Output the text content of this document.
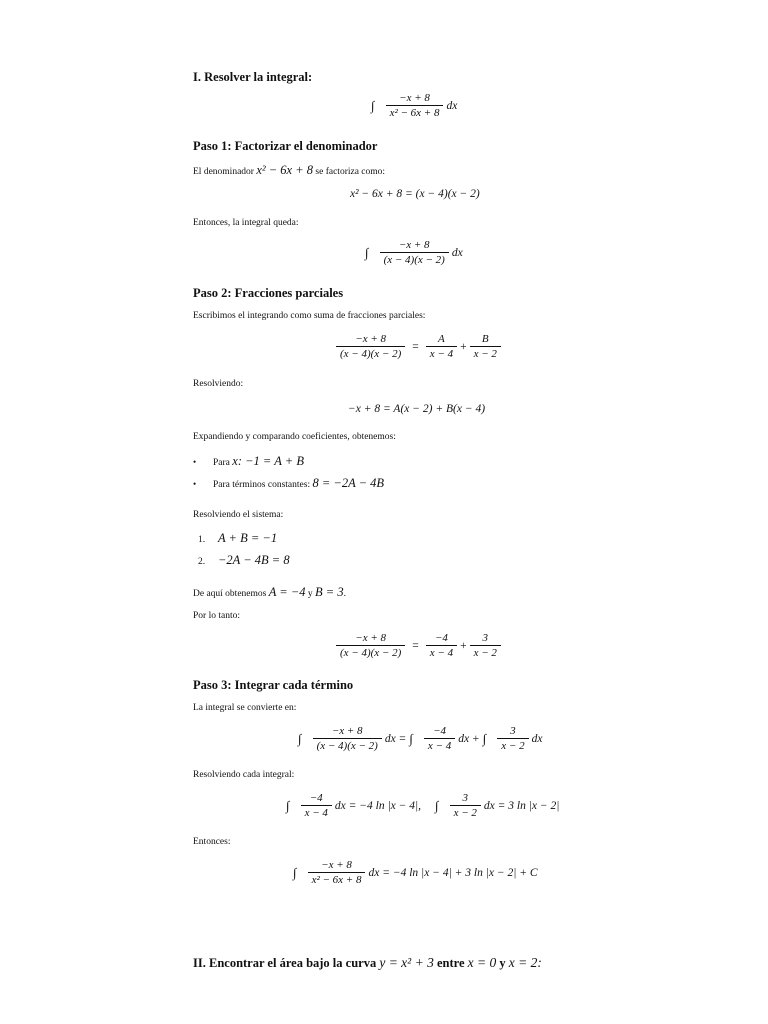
I. Resolver la integral:
∫ $\frac{-x + 8}{\text{x² − 6x + 8}}$ dx
Paso 1: Factorizar el denominador

El denominador x² − 6x + 8 se factoriza como:

x² − 6x + 8 = (x − 4)(x − 2)

Entonces, la integral queda:

∫ $\frac{-x + 8}{(x - 4)(x - 2)}$ dx
Paso 2: Fracciones parciales

Escribimos el integrando como suma de fracciones parciales:

$\frac{-x + 8}{(x - 4)(x - 2)} = \frac{A}{x - 4} + \frac{B}{x - 2}$

Resolviendo:

−x + 8 = A(x − 2) + B(x − 4)

Expandiendo y comparando coeficientes, obtenemos:

•	Para x: −1 = A + B

•	Para términos constantes: 8 = −2A − 4B

Resolviendo el sistema:

1.	A + B = −1
2.	−2A − 4B = 8

De aquí obtenemos A = −4 y B = 3.

Por lo tanto:

$\frac{-x + 8}{(x - 4)(x - 2)} = \frac{-4}{x - 4} + \frac{3}{x - 2}$
Paso 3: Integrar cada término

La integral se convierte en:

∫ $\frac{-x + 8}{(x - 4)(x - 2)}$ dx = ∫ $\frac{-4}{x - 4}$ dx + ∫ $\frac{3}{x - 2}$ dx

Resolviendo cada integral:

∫ $\frac{-4}{x - 4}$ dx = −4 ln |x − 4|, ∫ $\frac{3}{x - 2}$ dx = 3 ln |x − 2|

Entonces:

∫ $\frac{-x + 8}{\text{x² − 6x + 8}}$ dx = −4 ln |x − 4| + 3 ln |x − 2| + C
II. Encontrar el área bajo la curva y = x² + 3 entre x = 0 y x = 2:
